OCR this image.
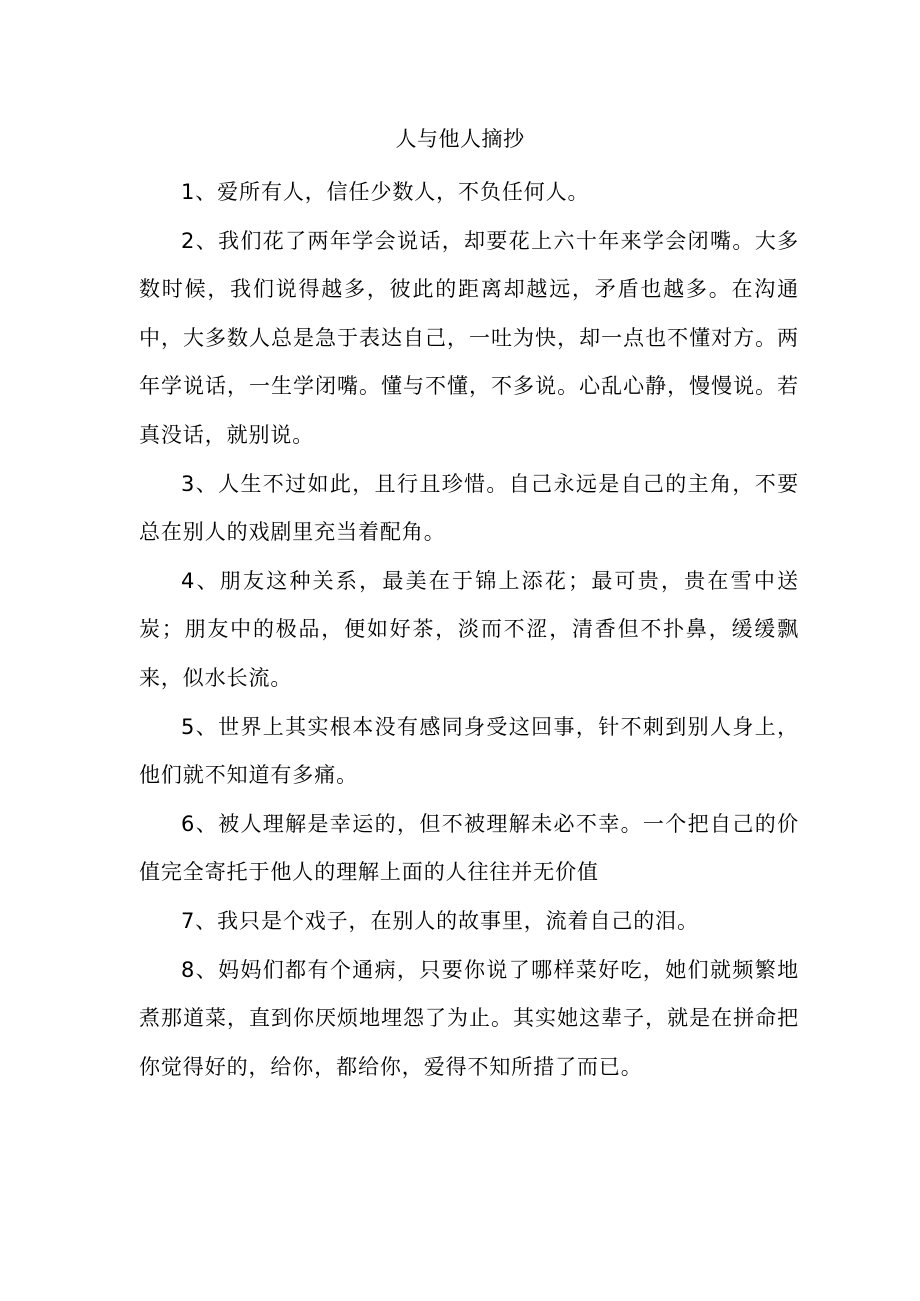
人与他人摘抄

1、爱所有人，信任少数人，不负任何人。

2、我们花了两年学会说话，却要花上六十年来学会闭嘴。大多数时候，我们说得越多，彼此的距离却越远，矛盾也越多。在沟通中，大多数人总是急于表达自己，一吐为快，却一点也不懂对方。两年学说话，一生学闭嘴。懂与不懂，不多说。心乱心静，慢慢说。若真没话，就别说。

3、人生不过如此，且行且珍惜。自己永远是自己的主角，不要总在别人的戏剧里充当着配角。

4、朋友这种关系，最美在于锦上添花；最可贵，贵在雪中送炭；朋友中的极品，便如好茶，淡而不涩，清香但不扑鼻，缓缓飘来，似水长流。

5、世界上其实根本没有感同身受这回事，针不刺到别人身上，他们就不知道有多痛。

6、被人理解是幸运的，但不被理解未必不幸。一个把自己的价值完全寄托于他人的理解上面的人往往并无价值

7、我只是个戏子，在别人的故事里，流着自己的泪。

8、妈妈们都有个通病，只要你说了哪样菜好吃，她们就频繁地煮那道菜，直到你厌烦地埋怨了为止。其实她这辈子，就是在拼命把你觉得好的，给你，都给你，爱得不知所措了而已。
